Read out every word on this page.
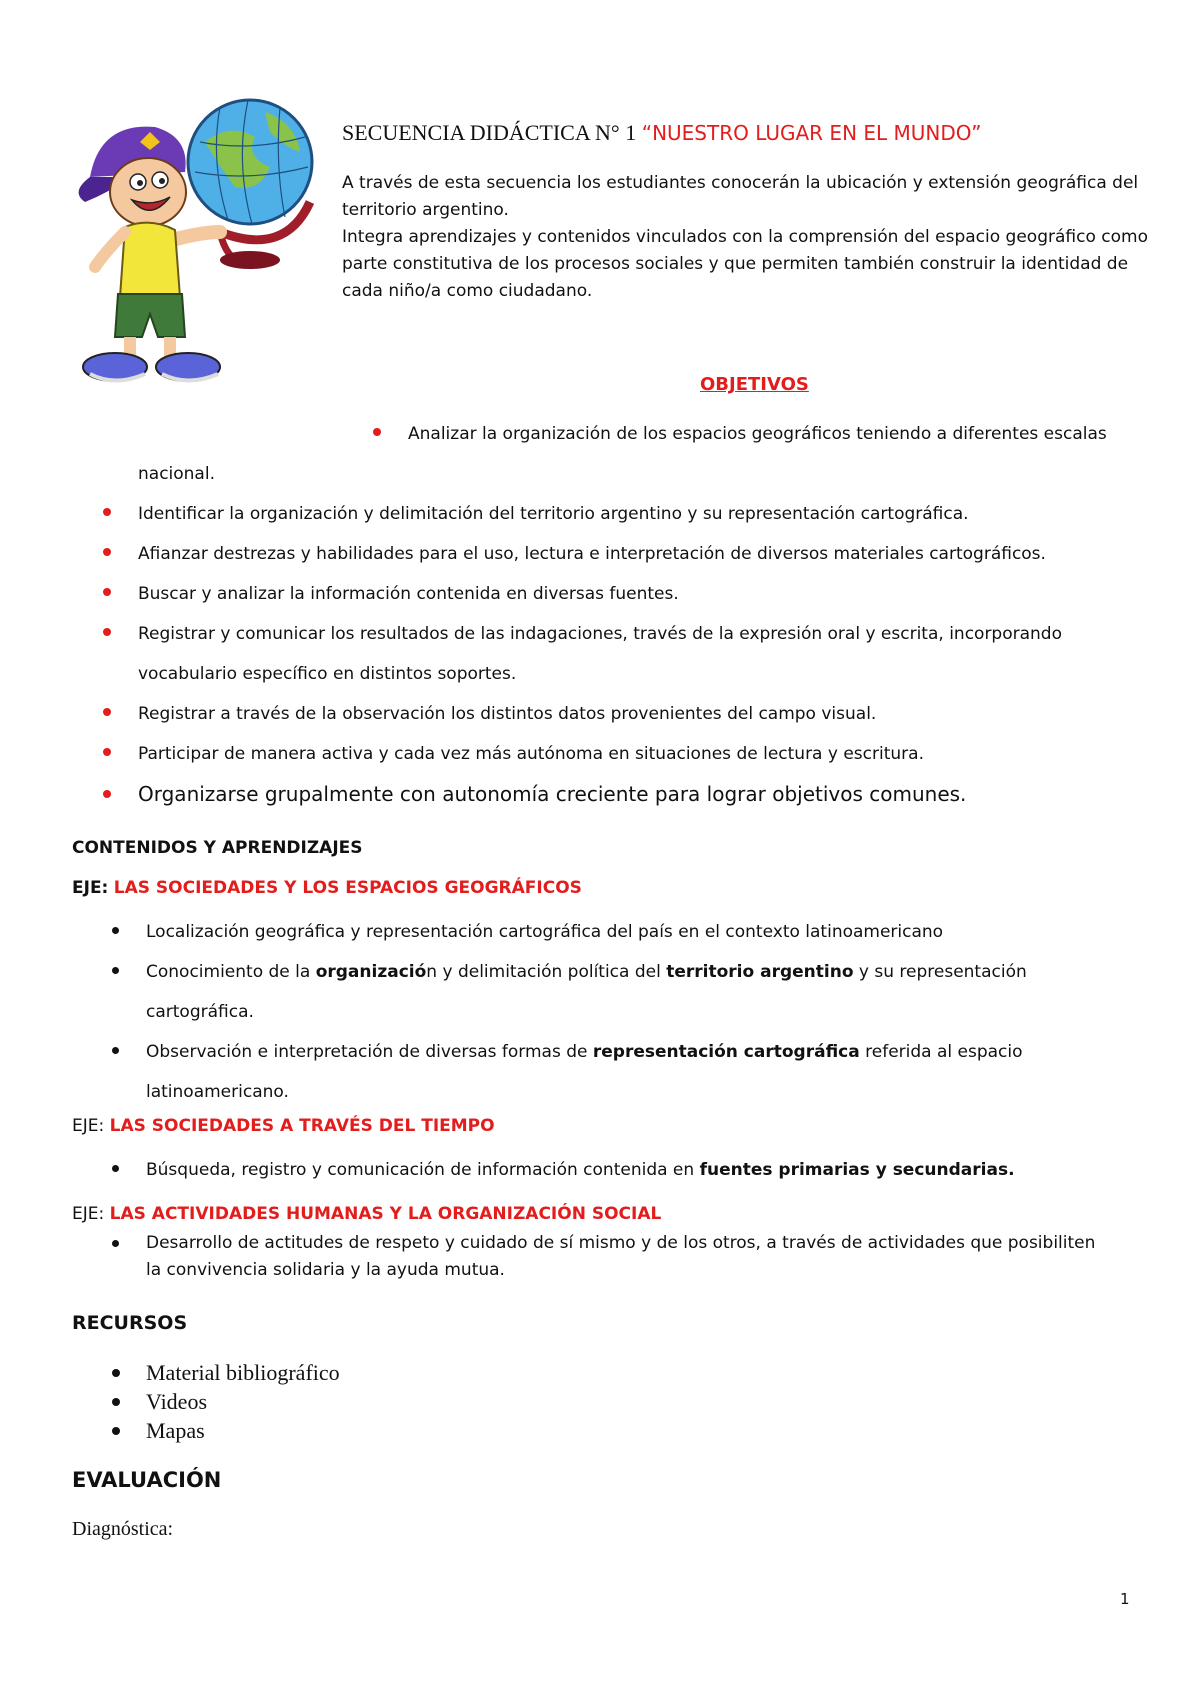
SECUENCIA DIDÁCTICA N° 1 “NUESTRO LUGAR EN EL MUNDO”

A través de esta secuencia los estudiantes conocerán la ubicación y extensión geográfica del territorio argentino.

Integra aprendizajes y contenidos vinculados con la comprensión del espacio geográfico como parte constitutiva de los procesos sociales y que permiten también construir la identidad de cada niño/a como ciudadano.

OBJETIVOS
Analizar la organización de los espacios geográficos teniendo a diferentes escalas
nacional.
Identificar la organización y delimitación del territorio argentino y su representación cartográfica.
Afianzar destrezas y habilidades para el uso, lectura e interpretación de diversos materiales cartográficos.
Buscar y analizar la información contenida en diversas fuentes.
Registrar y comunicar los resultados de las indagaciones, través de la expresión oral y escrita, incorporando vocabulario específico en distintos soportes.
Registrar a través de la observación los distintos datos provenientes del campo visual.
Participar de manera activa y cada vez más autónoma en situaciones de lectura y escritura.
Organizarse grupalmente con autonomía creciente para lograr objetivos comunes.
CONTENIDOS Y APRENDIZAJES
EJE: LAS SOCIEDADES Y LOS ESPACIOS GEOGRÁFICOS
Localización geográfica y representación cartográfica del país en el contexto latinoamericano
Conocimiento de la organización y delimitación política del territorio argentino y su representación cartográfica.
Observación e interpretación de diversas formas de representación cartográfica referida al espacio latinoamericano.
EJE: LAS SOCIEDADES A TRAVÉS DEL TIEMPO
Búsqueda, registro y comunicación de información contenida en fuentes primarias y secundarias.
EJE: LAS ACTIVIDADES HUMANAS Y LA ORGANIZACIÓN SOCIAL
Desarrollo de actitudes de respeto y cuidado de sí mismo y de los otros, a través de actividades que posibiliten la convivencia solidaria y la ayuda mutua.
RECURSOS
Material bibliográfico
Videos
Mapas
EVALUACIÓN
Diagnóstica:
1
